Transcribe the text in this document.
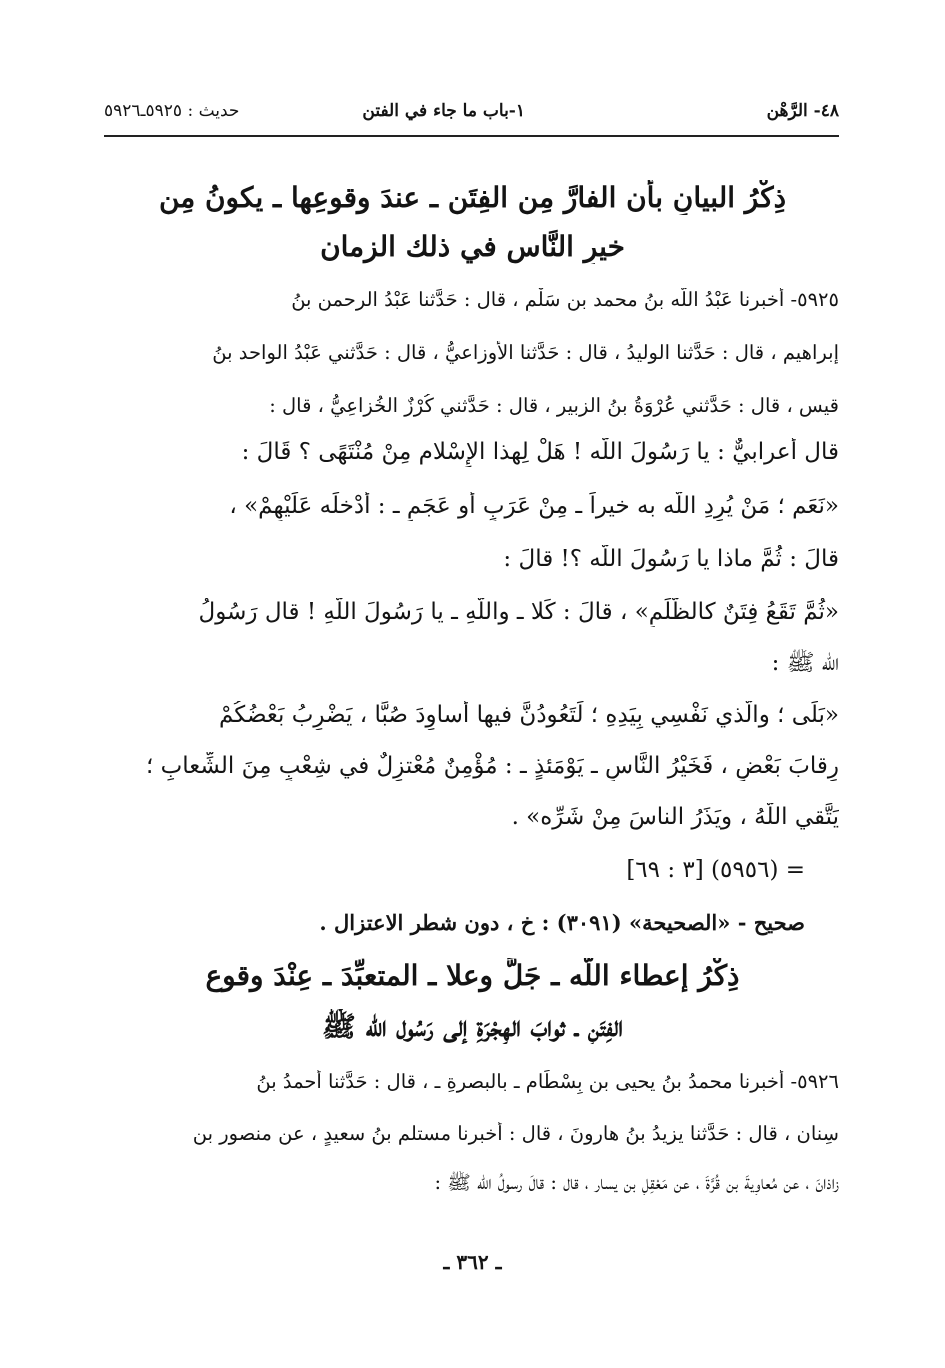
٤٨- الرَّهْن
١-باب ما جاء في الفتن
حديث : ٥٩٢٥ـ٥٩٢٦
ذِكْرُ البيانِ بأن الفارَّ مِن الفِتَنِ ـ عندَ وقوعِها ـ يكونُ مِن
خيرِ النَّاسِ في ذلك الزمان
٥٩٢٥- أخبرنا عَبْدُ اللّه بنُ محمد بنِ سَلْمٍ ، قال : حَدَّثنا عَبْدُ الرحمن بنُ
إبراهيم ، قال : حَدَّثنا الوليدُ ، قال : حَدَّثنا الأوزاعيُّ ، قال : حَدَّثني عَبْدُ الواحد بنُ
قيس ، قال : حَدَّثني عُرْوَةُ بنُ الزبير ، قال : حَدَّثني كُرْزٌ الخُزاعِيُّ ، قال :
قال أعرابيٌّ : يا رَسُولَ اللّه ! هَلْ لِهذا الإِسْلام مِنْ مُنْتَهًى ؟ قَالَ :
«نَعَم ؛ مَنْ يُرِدِ اللّه به خيراً ـ مِنْ عَرَبٍ أو عَجَمٍ ـ : أَدْخلَه عَلَيْهِمْ» ،
قالَ : ثُمَّ ماذا يا رَسُولَ اللّه ؟! قالَ :
«ثُمَّ تَقَعُ فِتَنٌ كالظُّلَمِ» ، قالَ : كَلا ـ واللّهِ ـ يا رَسُولَ اللّهِ ! قال رَسُولُ
اللّه ﷺ :
«بَلَى ؛ والَّذي نَفْسِي بِيَدِهِ ؛ لَتَعُودُنَّ فيها أساوِدَ صُبًّا ، يَضْرِبُ بَعْضُكُمْ
رِقابَ بَعْضٍ ، فَخَيْرُ النَّاسِ ـ يَوْمَئذٍ ـ : مُؤْمِنٌ مُعْتزِلٌ في شِعْبٍ مِنَ الشِّعابِ ؛
يَتَّقي اللّهُ ، ويَذَرُ الناسَ مِنْ شَرِّه» .
= (٥٩٥٦) [٣ : ٦٩]
صحيح - «الصحيحة» (٣٠٩١) : خ ، دون شطر الاعتزال .
ذِكْرُ إعطاء اللّه ـ جَلَّ وعلا ـ المتعبِّدَ ـ عِنْدَ وقوع
الفِتَنِ ـ ثوابَ الهِجْرَةِ إلى رَسُول اللّه ﷺ
٥٩٢٦- أخبرنا محمدُ بنُ يحيى بن بِسْطَام ـ بالبصرةِ ـ ، قال : حَدَّثنا أحمدُ بنُ
سِنان ، قال : حَدَّثنا يزيدُ بنُ هارونَ ، قال : أخبرنا مستلم بنُ سعيدٍ ، عن منصور بن
زاذانَ ، عن مُعاوِيةَ بن قُرَّةَ ، عن مَعْقِلِ بن يسار ، قال : قالَ رسولُ اللّه ﷺ :
ـ ٣٦٢ ـ
